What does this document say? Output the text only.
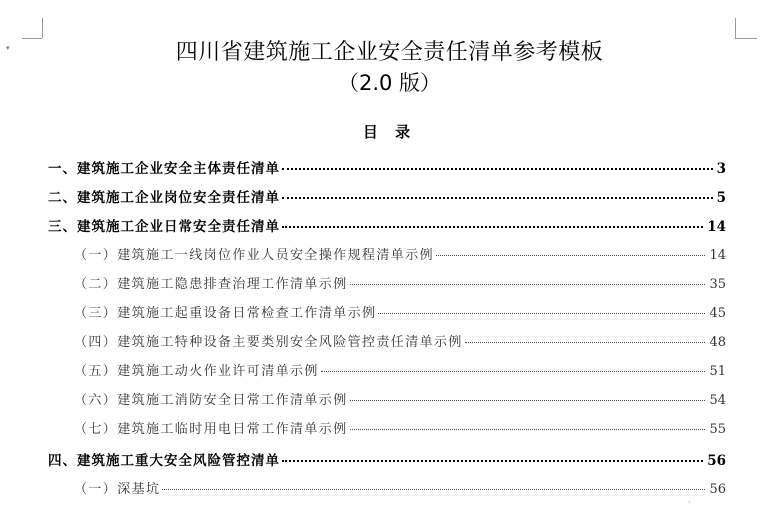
▾	四川省建筑施工企业安全责任清单参考模板
（2.0 版）
目 录
一、建筑施工企业安全主体责任清单	3
二、建筑施工企业岗位安全责任清单	5
三、建筑施工企业日常安全责任清单	14
（一）建筑施工一线岗位作业人员安全操作规程清单示例	14
（二）建筑施工隐患排查治理工作清单示例	35
（三）建筑施工起重设备日常检查工作清单示例	45
（四）建筑施工特种设备主要类别安全风险管控责任清单示例	48
（五）建筑施工动火作业许可清单示例	51
（六）建筑施工消防安全日常工作清单示例	54
（七）建筑施工临时用电日常工作清单示例	55
四、建筑施工重大安全风险管控清单	56
（一）深基坑	56
·
